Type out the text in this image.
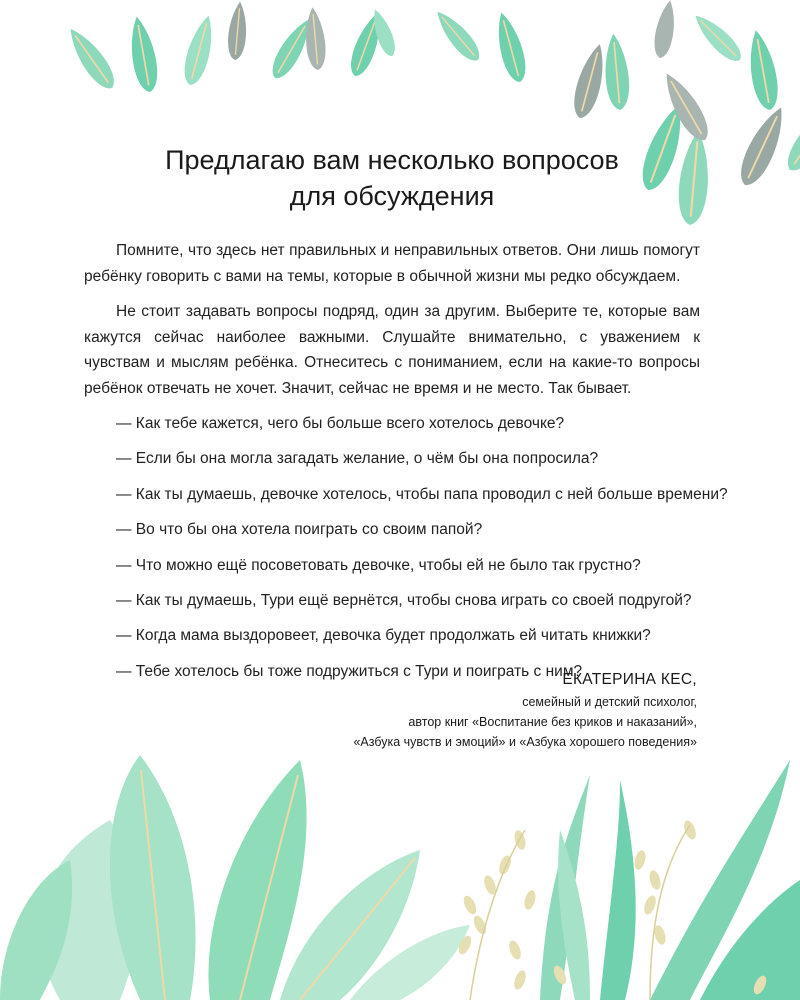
Предлагаю вам несколько вопросов
для обсуждения

Помните, что здесь нет правильных и неправильных ответов. Они лишь помогут ребёнку говорить с вами на темы, которые в обычной жизни мы редко обсуждаем.

Не стоит задавать вопросы подряд, один за другим. Выберите те, которые вам кажутся сейчас наиболее важными. Слушайте внимательно, с уважением к чувствам и мыслям ребёнка. Отнеситесь с пониманием, если на какие-то вопросы ребёнок отвечать не хочет. Значит, сейчас не время и не место. Так бывает.

— Как тебе кажется, чего бы больше всего хотелось девочке?
— Если бы она могла загадать желание, о чём бы она попросила?
— Как ты думаешь, девочке хотелось, чтобы папа проводил с ней больше времени?
— Во что бы она хотела поиграть со своим папой?
— Что можно ещё посоветовать девочке, чтобы ей не было так грустно?
— Как ты думаешь, Тури ещё вернётся, чтобы снова играть со своей подругой?
— Когда мама выздоровеет, девочка будет продолжать ей читать книжки?
— Тебе хотелось бы тоже подружиться с Тури и поиграть с ним?
ЕКАТЕРИНА КЕС,
семейный и детский психолог,
автор книг «Воспитание без криков и наказаний»,
«Азбука чувств и эмоций» и «Азбука хорошего поведения»
